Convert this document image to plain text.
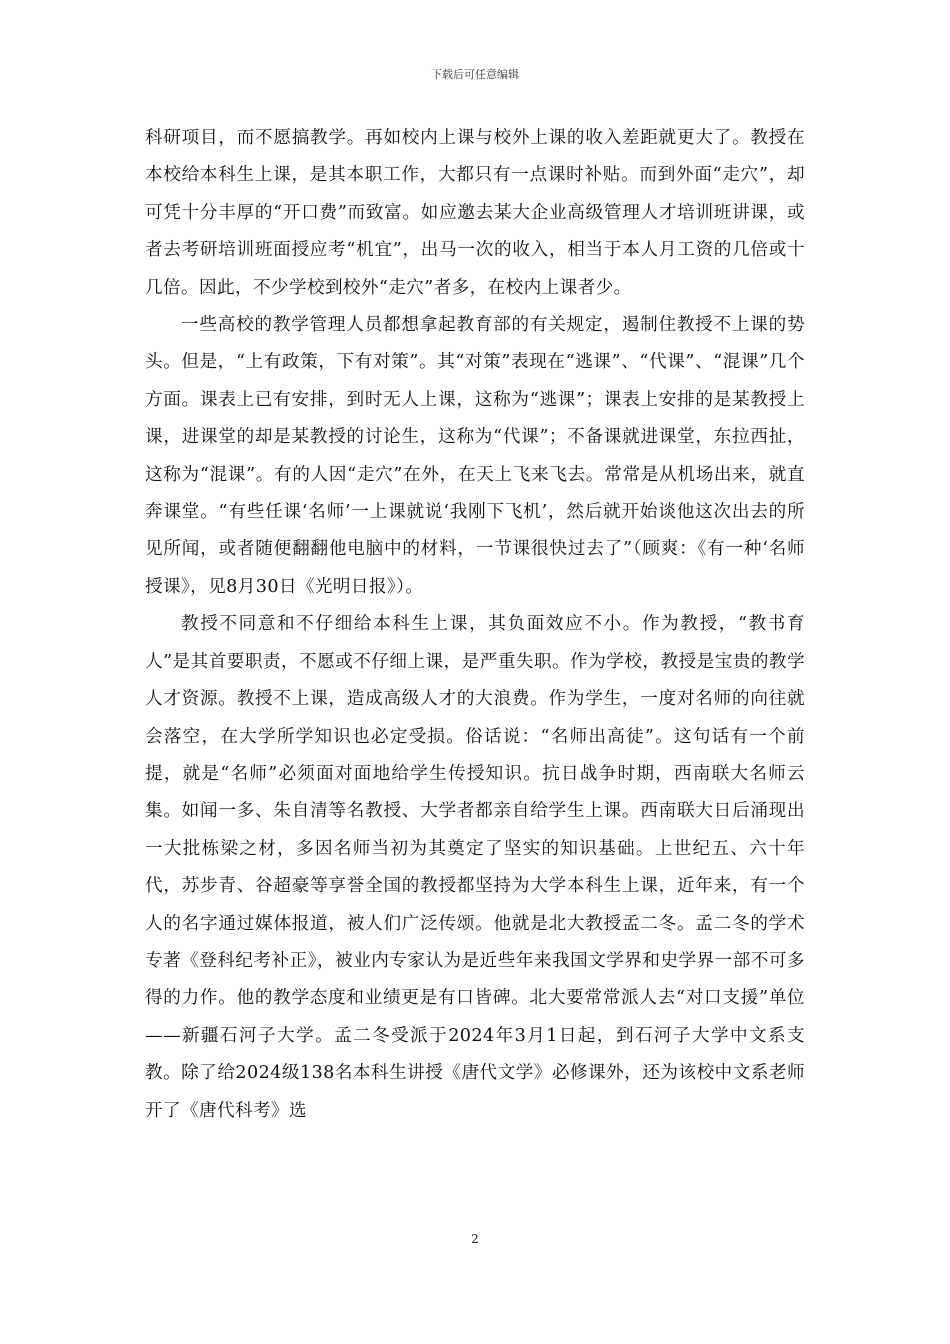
下载后可任意编辑

科研项目，而不愿搞教学。再如校内上课与校外上课的收入差距就更大了。教授在本校给本科生上课，是其本职工作，大都只有一点课时补贴。而到外面“走穴”，却可凭十分丰厚的“开口费”而致富。如应邀去某大企业高级管理人才培训班讲课，或者去考研培训班面授应考“机宜”，出马一次的收入，相当于本人月工资的几倍或十几倍。因此，不少学校到校外“走穴”者多，在校内上课者少。

一些高校的教学管理人员都想拿起教育部的有关规定，遏制住教授不上课的势头。但是，“上有政策，下有对策”。其“对策”表现在“逃课”、“代课”、“混课”几个方面。课表上已有安排，到时无人上课，这称为“逃课”；课表上安排的是某教授上课，进课堂的却是某教授的讨论生，这称为“代课”；不备课就进课堂，东拉西扯，这称为“混课”。有的人因“走穴”在外，在天上飞来飞去。常常是从机场出来，就直奔课堂。“有些任课‘名师’一上课就说‘我刚下飞机’，然后就开始谈他这次出去的所见所闻，或者随便翻翻他电脑中的材料，一节课很快过去了”（顾爽：《有一种‘名师授课》，见8月30日《光明日报》）。

教授不同意和不仔细给本科生上课，其负面效应不小。作为教授，“教书育人”是其首要职责，不愿或不仔细上课，是严重失职。作为学校，教授是宝贵的教学人才资源。教授不上课，造成高级人才的大浪费。作为学生，一度对名师的向往就会落空，在大学所学知识也必定受损。俗话说：“名师出高徒”。这句话有一个前提，就是“名师”必须面对面地给学生传授知识。抗日战争时期，西南联大名师云集。如闻一多、朱自清等名教授、大学者都亲自给学生上课。西南联大日后涌现出一大批栋梁之材，多因名师当初为其奠定了坚实的知识基础。上世纪五、六十年代，苏步青、谷超豪等享誉全国的教授都坚持为大学本科生上课，近年来，有一个人的名字通过媒体报道，被人们广泛传颂。他就是北大教授孟二冬。孟二冬的学术专著《登科纪考补正》，被业内专家认为是近些年来我国文学界和史学界一部不可多得的力作。他的教学态度和业绩更是有口皆碑。北大要常常派人去“对口支援”单位——新疆石河子大学。孟二冬受派于2024年3月1日起，到石河子大学中文系支教。除了给2024级138名本科生讲授《唐代文学》必修课外，还为该校中文系老师开了《唐代科考》选

2
